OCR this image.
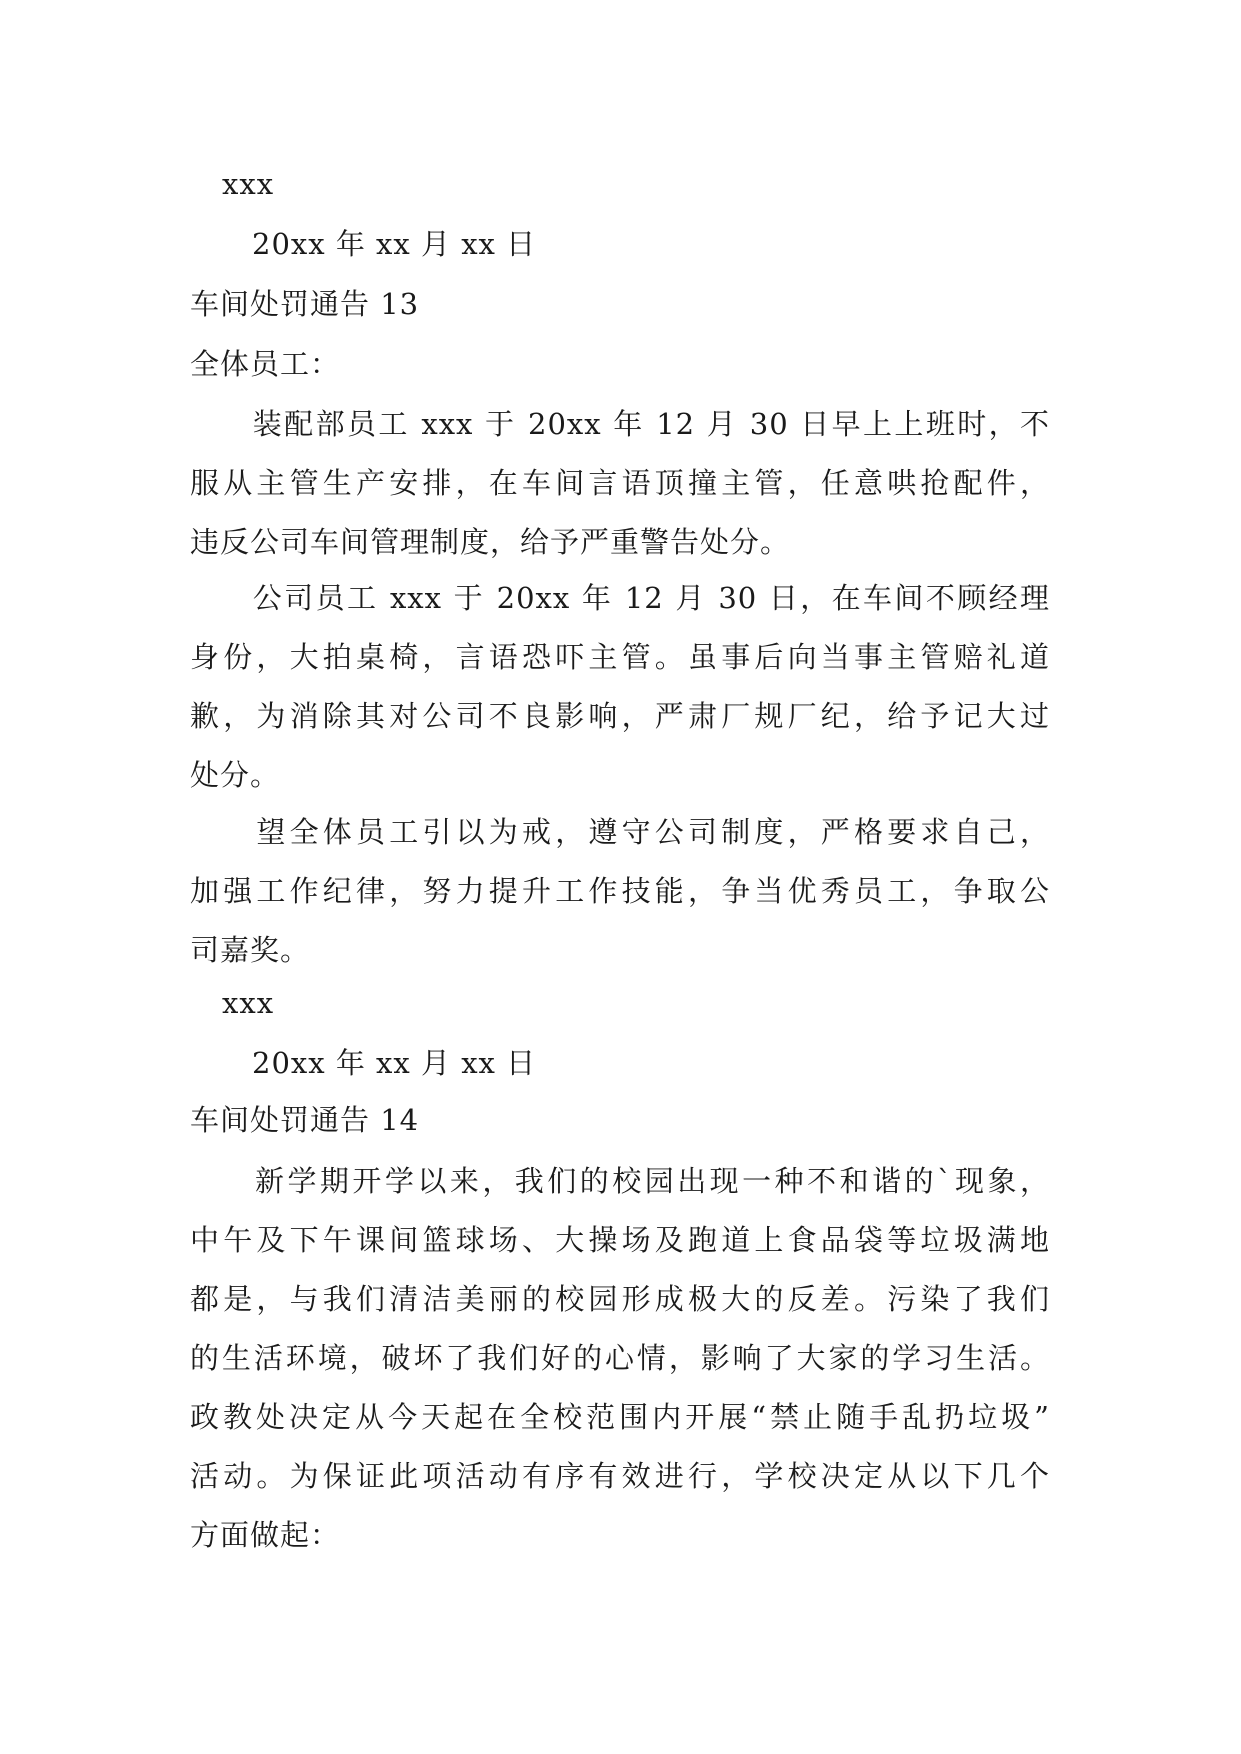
xxx
20xx 年 xx 月 xx 日
车间处罚通告 13
全体员工：
　　装配部员工 xxx 于 20xx 年 12 月 30 日早上上班时，不
服从主管生产安排，在车间言语顶撞主管，任意哄抢配件，
违反公司车间管理制度，给予严重警告处分。
　　公司员工 xxx 于 20xx 年 12 月 30 日，在车间不顾经理
身份，大拍桌椅，言语恐吓主管。虽事后向当事主管赔礼道
歉，为消除其对公司不良影响，严肃厂规厂纪，给予记大过
处分。
　　望全体员工引以为戒，遵守公司制度，严格要求自己，
加强工作纪律，努力提升工作技能，争当优秀员工，争取公
司嘉奖。
xxx
20xx 年 xx 月 xx 日
车间处罚通告 14
　　新学期开学以来，我们的校园出现一种不和谐的`现象，
中午及下午课间篮球场、大操场及跑道上食品袋等垃圾满地
都是，与我们清洁美丽的校园形成极大的反差。污染了我们
的生活环境，破坏了我们好的心情，影响了大家的学习生活。
政教处决定从今天起在全校范围内开展“禁止随手乱扔垃圾”
活动。为保证此项活动有序有效进行，学校决定从以下几个
方面做起：
